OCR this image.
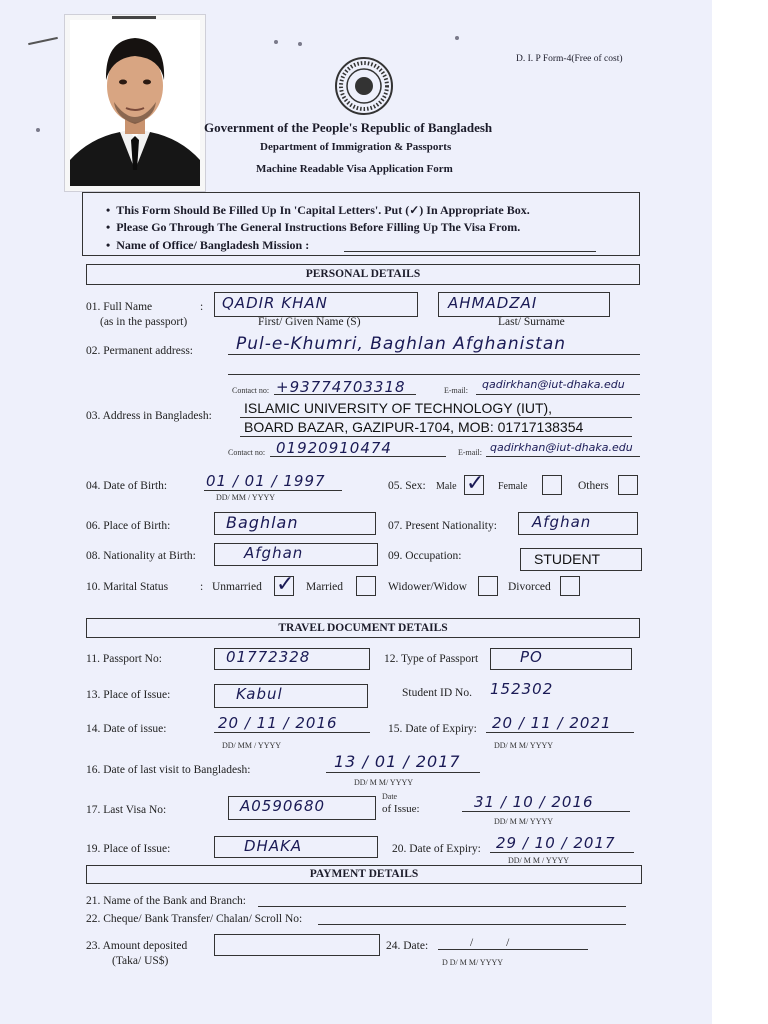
D. I. P Form-4(Free of cost)
Government of the People's Republic of Bangladesh
Department of Immigration & Passports
Machine Readable Visa Application Form
• This Form Should Be Filled Up In 'Capital Letters'. Put (✓) In Appropriate Box.
• Please Go Through The General Instructions Before Filling Up The Visa From.
• Name of Office/ Bangladesh Mission :
PERSONAL DETAILS
01. Full Name
(as in the passport)
: QADIR KHAN
First/ Given Name (S)
AHMADZAI
Last/ Surname
02. Permanent address:	Pul-e-Khumri, Baghlan Afghanistan
Contact no: +93774703318	E-mail: qadirkhan@iut-dhaka.edu
03. Address in Bangladesh: ISLAMIC UNIVERSITY OF TECHNOLOGY (IUT),
BOARD BAZAR, GAZIPUR-1704, MOB: 01717138354
Contact no: 01920910474	E-mail: qadirkhan@iut-dhaka.edu
04. Date of Birth:	01 / 01 / 1997
DD/ MM / YYYY
05. Sex: Male ✓ Female	Others
06. Place of Birth:	Baghlan	07. Present Nationality: Afghan
08. Nationality at Birth:	Afghan	09. Occupation:	STUDENT
10. Marital Status	: Unmarried ✓ Married	Widower/Widow	Divorced
TRAVEL DOCUMENT DETAILS
11. Passport No:	01772328	12. Type of Passport	PO
13. Place of Issue:	Kabul	Student ID No. 152302
14. Date of issue:	20 / 11 / 2016
DD/ MM / YYYY
15. Date of Expiry: 20 / 11 / 2021
DD/ M M/ YYYY
16. Date of last visit to Bangladesh:	13 / 01 / 2017
DD/ M M/ YYYY
17. Last Visa No:	A0590680
Date
of Issue:	31 / 10 / 2016
DD/ M M/ YYYY
19. Place of Issue:	DHAKA	20. Date of Expiry: 29 / 10 / 2017
DD/ M M / YYYY
PAYMENT DETAILS
21. Name of the Bank and Branch:
22. Cheque/ Bank Transfer/ Chalan/ Scroll No:
23. Amount deposited
(Taka/ US$)
24. Date:	/ /
D D/ M M/ YYYY
